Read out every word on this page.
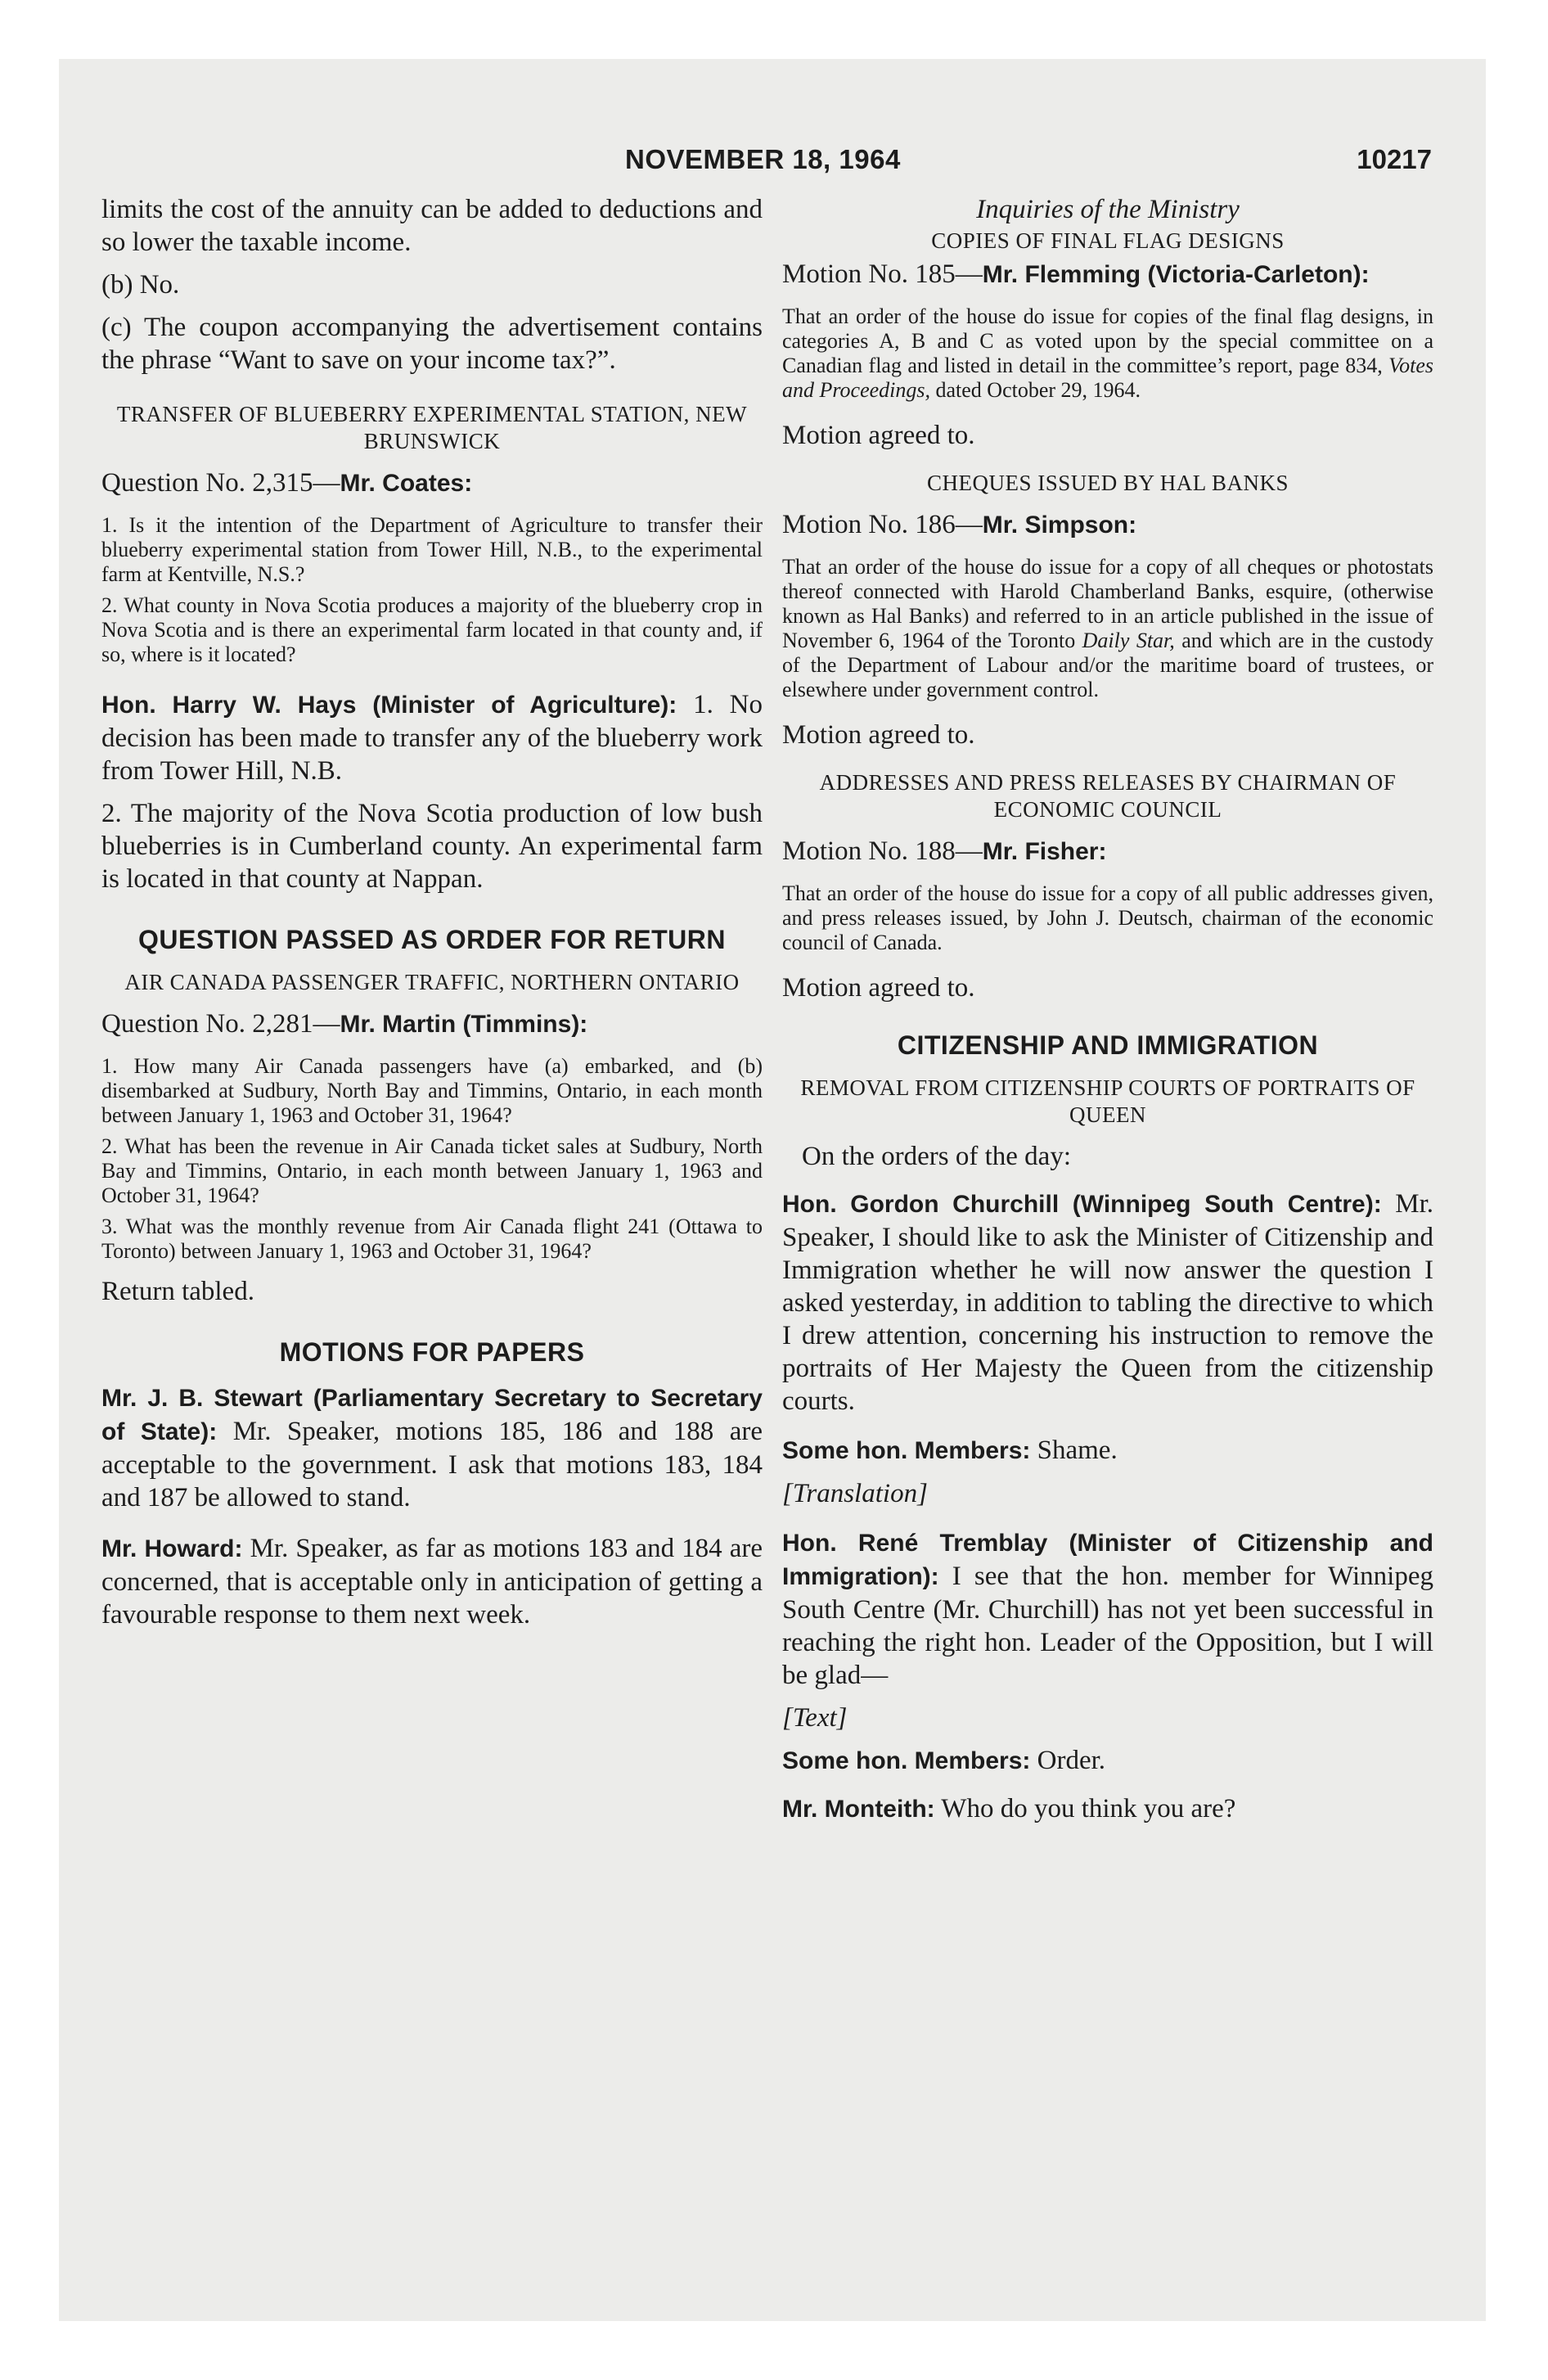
NOVEMBER 18, 1964	10217

limits the cost of the annuity can be added to deductions and so lower the taxable income.

(b) No.

(c) The coupon accompanying the advertisement contains the phrase “Want to save on your income tax?”.

TRANSFER OF BLUEBERRY EXPERIMENTAL STATION, NEW BRUNSWICK

Question No. 2,315—Mr. Coates:

1. Is it the intention of the Department of Agriculture to transfer their blueberry experimental station from Tower Hill, N.B., to the experimental farm at Kentville, N.S.?

2. What county in Nova Scotia produces a majority of the blueberry crop in Nova Scotia and is there an experimental farm located in that county and, if so, where is it located?

Hon. Harry W. Hays (Minister of Agriculture): 1. No decision has been made to transfer any of the blueberry work from Tower Hill, N.B.

2. The majority of the Nova Scotia production of low bush blueberries is in Cumberland county. An experimental farm is located in that county at Nappan.

QUESTION PASSED AS ORDER FOR RETURN
AIR CANADA PASSENGER TRAFFIC, NORTHERN ONTARIO

Question No. 2,281—Mr. Martin (Timmins):

1. How many Air Canada passengers have (a) embarked, and (b) disembarked at Sudbury, North Bay and Timmins, Ontario, in each month between January 1, 1963 and October 31, 1964?

2. What has been the revenue in Air Canada ticket sales at Sudbury, North Bay and Timmins, Ontario, in each month between January 1, 1963 and October 31, 1964?

3. What was the monthly revenue from Air Canada flight 241 (Ottawa to Toronto) between January 1, 1963 and October 31, 1964?

Return tabled.

MOTIONS FOR PAPERS

Mr. J. B. Stewart (Parliamentary Secretary to Secretary of State): Mr. Speaker, motions 185, 186 and 188 are acceptable to the government. I ask that motions 183, 184 and 187 be allowed to stand.

Mr. Howard: Mr. Speaker, as far as motions 183 and 184 are concerned, that is acceptable only in anticipation of getting a favourable response to them next week.

Inquiries of the Ministry
COPIES OF FINAL FLAG DESIGNS

Motion No. 185—Mr. Flemming (Victoria-Carleton):

That an order of the house do issue for copies of the final flag designs, in categories A, B and C as voted upon by the special committee on a Canadian flag and listed in detail in the committee’s report, page 834, Votes and Proceedings, dated October 29, 1964.

Motion agreed to.

CHEQUES ISSUED BY HAL BANKS

Motion No. 186—Mr. Simpson:

That an order of the house do issue for a copy of all cheques or photostats thereof connected with Harold Chamberland Banks, esquire, (otherwise known as Hal Banks) and referred to in an article published in the issue of November 6, 1964 of the Toronto Daily Star, and which are in the custody of the Department of Labour and/or the maritime board of trustees, or elsewhere under government control.

Motion agreed to.

ADDRESSES AND PRESS RELEASES BY CHAIRMAN OF ECONOMIC COUNCIL

Motion No. 188—Mr. Fisher:

That an order of the house do issue for a copy of all public addresses given, and press releases issued, by John J. Deutsch, chairman of the economic council of Canada.

Motion agreed to.

CITIZENSHIP AND IMMIGRATION
REMOVAL FROM CITIZENSHIP COURTS OF PORTRAITS OF QUEEN

On the orders of the day:

Hon. Gordon Churchill (Winnipeg South Centre): Mr. Speaker, I should like to ask the Minister of Citizenship and Immigration whether he will now answer the question I asked yesterday, in addition to tabling the directive to which I drew attention, concerning his instruction to remove the portraits of Her Majesty the Queen from the citizenship courts.

Some hon. Members: Shame.

[Translation]

Hon. René Tremblay (Minister of Citizenship and Immigration): I see that the hon. member for Winnipeg South Centre (Mr. Churchill) has not yet been successful in reaching the right hon. Leader of the Opposition, but I will be glad—

[Text]

Some hon. Members: Order.

Mr. Monteith: Who do you think you are?
